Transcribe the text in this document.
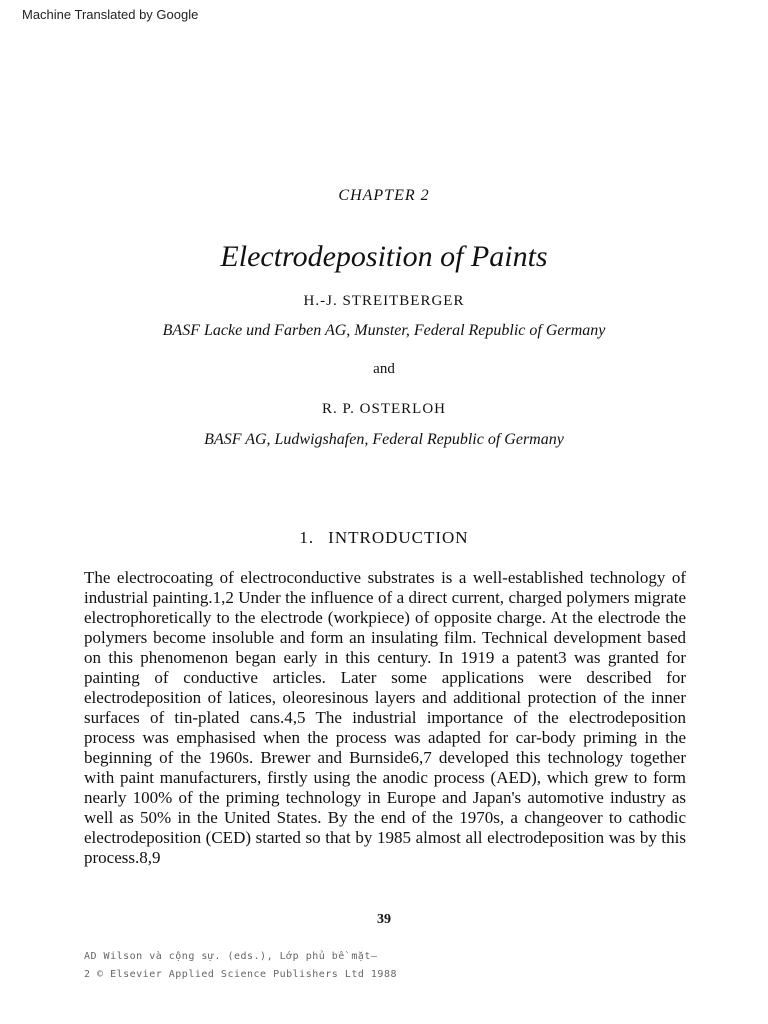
Machine Translated by Google
CHAPTER 2
Electrodeposition of Paints
H.-J. STREITBERGER
BASF Lacke und Farben AG, Munster, Federal Republic of Germany
and
R. P. OSTERLOH
BASF AG, Ludwigshafen, Federal Republic of Germany
1. INTRODUCTION

The electrocoating of electroconductive substrates is a well-established technology of industrial painting.1,2 Under the influence of a direct current, charged polymers migrate electrophoretically to the electrode (workpiece) of opposite charge. At the electrode the polymers become insoluble and form an insulating film. Technical development based on this phenomenon began early in this century. In 1919 a patent3 was granted for painting of conductive articles. Later some applications were described for electrodeposition of latices, oleoresinous layers and additional protection of the inner surfaces of tin-plated cans.4,5 The industrial importance of the electrodeposition process was emphasised when the process was adapted for car-body priming in the beginning of the 1960s. Brewer and Burnside6,7 developed this technology together with paint manufacturers, firstly using the anodic process (AED), which grew to form nearly 100% of the priming technology in Europe and Japan's automotive industry as well as 50% in the United States. By the end of the 1970s, a changeover to cathodic electrodeposition (CED) started so that by 1985 almost all electrodeposition was by this process.8,9

39
AD Wilson và cộng sự. (eds.), Lớp phủ bề mặt—
2 © Elsevier Applied Science Publishers Ltd 1988
